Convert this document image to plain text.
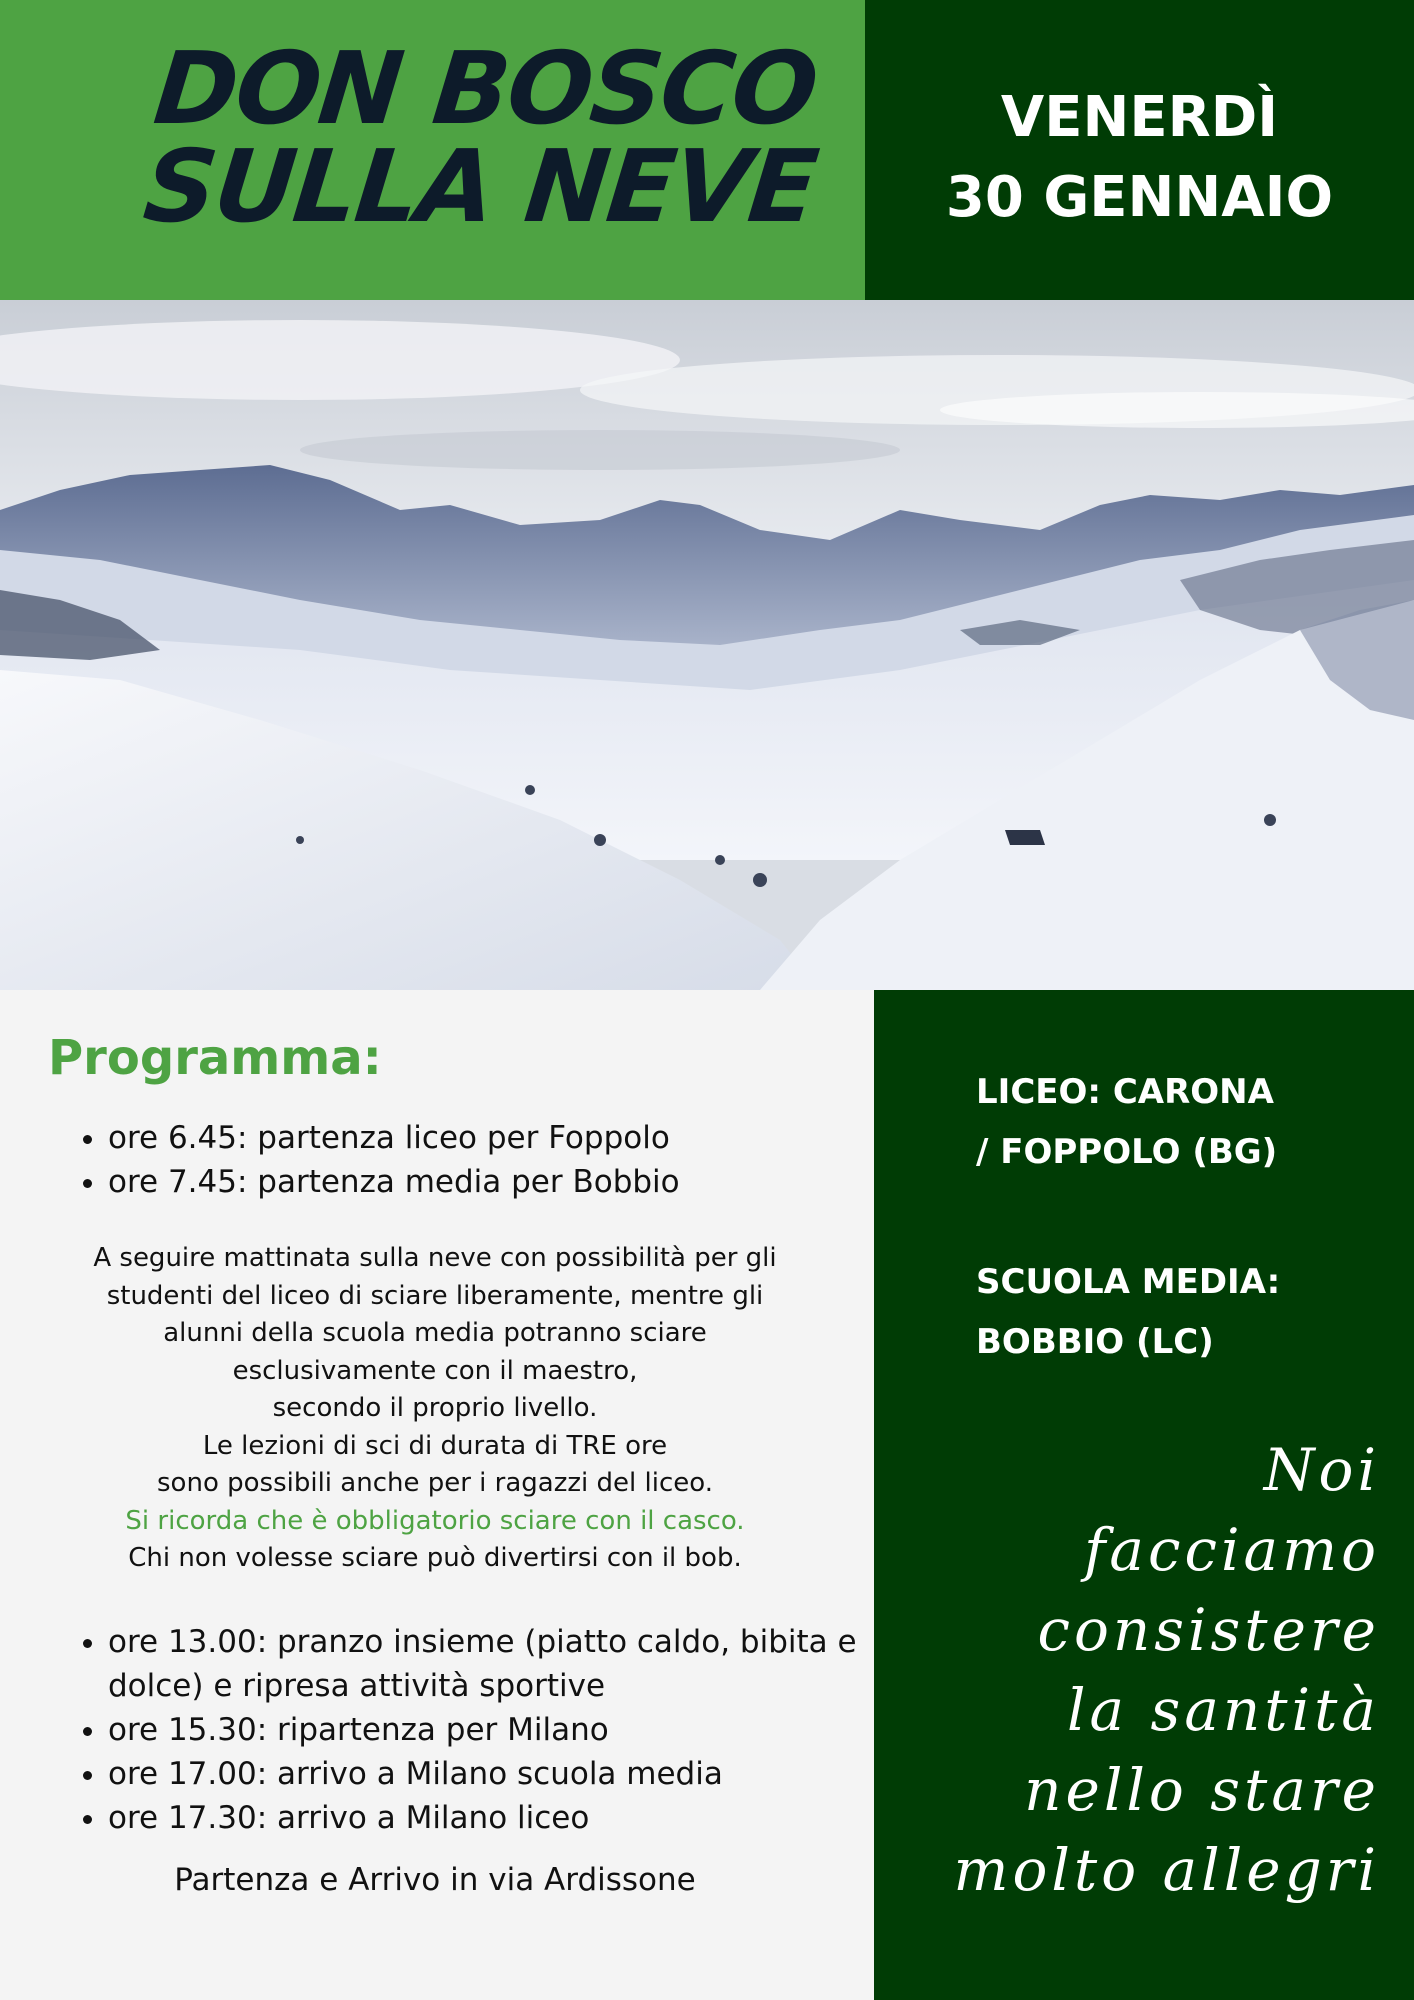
DON BOSCO
SULLA NEVE
VENERDÌ
30 GENNAIO
Programma:
• ore 6.45: partenza liceo per Foppolo
• ore 7.45: partenza media per Bobbio
A seguire mattinata sulla neve con possibilità per gli
studenti del liceo di sciare liberamente, mentre gli
alunni della scuola media potranno sciare
esclusivamente con il maestro,
secondo il proprio livello.
Le lezioni di sci di durata di TRE ore
sono possibili anche per i ragazzi del liceo.
Si ricorda che è obbligatorio sciare con il casco.
Chi non volesse sciare può divertirsi con il bob.
• ore 13.00: pranzo insieme (piatto caldo, bibita e dolce) e ripresa attività sportive
• ore 15.30: ripartenza per Milano
• ore 17.00: arrivo a Milano scuola media
• ore 17.30: arrivo a Milano liceo
Partenza e Arrivo in via Ardissone
LICEO: CARONA
/ FOPPOLO (BG)
SCUOLA MEDIA:
BOBBIO (LC)
Noi
facciamo
consistere
la santità
nello stare
molto allegri
